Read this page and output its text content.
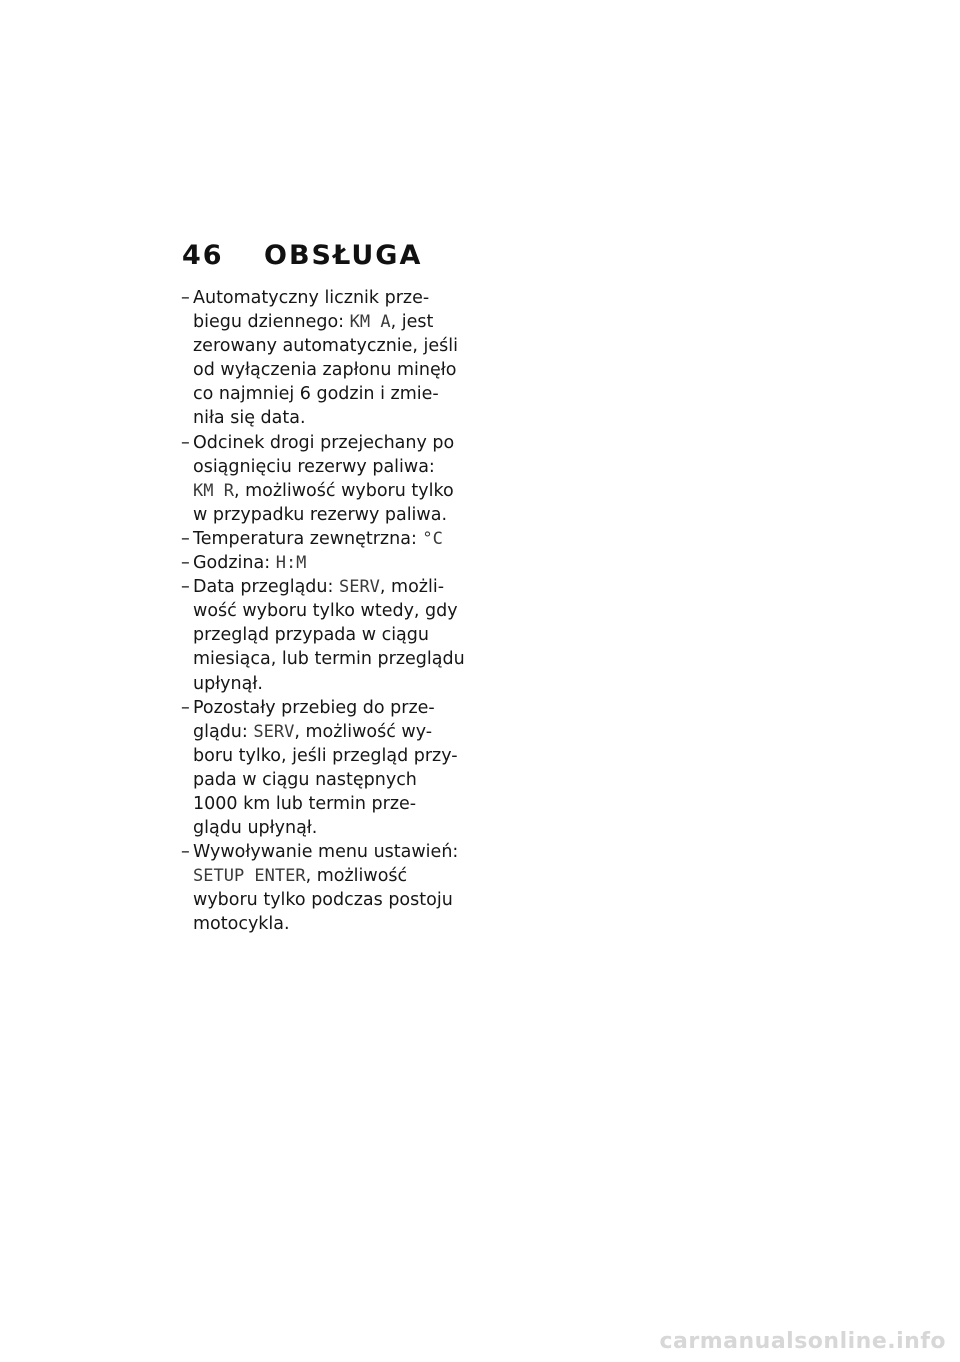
46 OBSŁUGA
– Automatyczny licznik prze-
biegu dziennego: KM A, jest
zerowany automatycznie, jeśli
od wyłączenia zapłonu minęło
co najmniej 6 godzin i zmie-
niła się data.
– Odcinek drogi przejechany po
osiągnięciu rezerwy paliwa:
KM R, możliwość wyboru tylko
w przypadku rezerwy paliwa.
– Temperatura zewnętrzna: °C
– Godzina: H:M
– Data przeglądu: SERV, możli-
wość wyboru tylko wtedy, gdy
przegląd przypada w ciągu
miesiąca, lub termin przeglądu
upłynął.
– Pozostały przebieg do prze-
glądu: SERV, możliwość wy-
boru tylko, jeśli przegląd przy-
pada w ciągu następnych
1000 km lub termin prze-
glądu upłynął.
– Wywoływanie menu ustawień:
SETUP ENTER, możliwość
wyboru tylko podczas postoju
motocykla.
carmanualsonline.info
